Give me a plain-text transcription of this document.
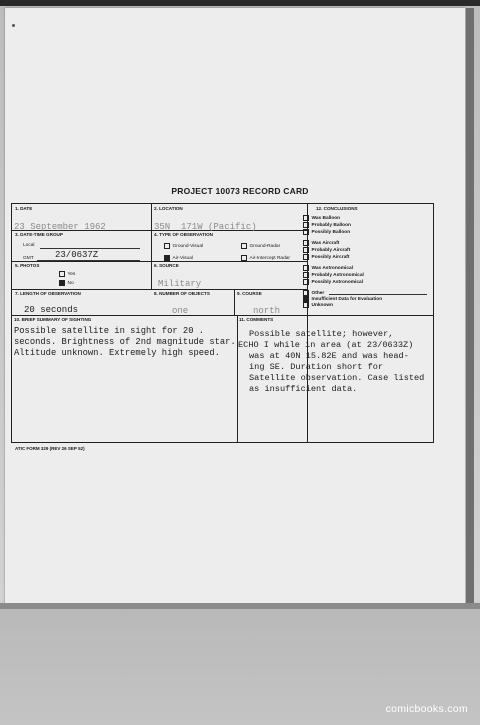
PROJECT 10073 RECORD CARD
1. DATE
23 September 1962
2. LOCATION
35N  171W (Pacific)
3. DATE-TIME GROUP
Local
GMT 23/0637Z
4. TYPE OF OBSERVATION
Ground-Visual	Ground-Radar
Air-Visual	Air-Intercept Radar
5. PHOTOS
Yes
No
6. SOURCE
Military
7. LENGTH OF OBSERVATION
20 seconds
8. NUMBER OF OBJECTS
one
9. COURSE
north
10. BRIEF SUMMARY OF SIGHTING
Possible satellite in sight for 20 .
seconds. Brightness of 2nd magnitude star.
Altitude unknown. Extremely high speed.
11. COMMENTS
Possible satellite; however,
ECHO I while in area (at 23/0633Z)
was at 40N 15.82E and was head-
ing SE. Duration short for
Satellite observation. Case listed
as insufficient data.
12. CONCLUSIONS
Was Balloon
Probably Balloon
Possibly Balloon
Was Aircraft
Probably Aircraft
Possibly Aircraft
Was Astronomical
Probably Astronomical
Possibly Astronomical
Other
Insufficient Data for Evaluation
Unknown
ATIC FORM 329 (REV 26 SEP 52)
comicbooks.com
